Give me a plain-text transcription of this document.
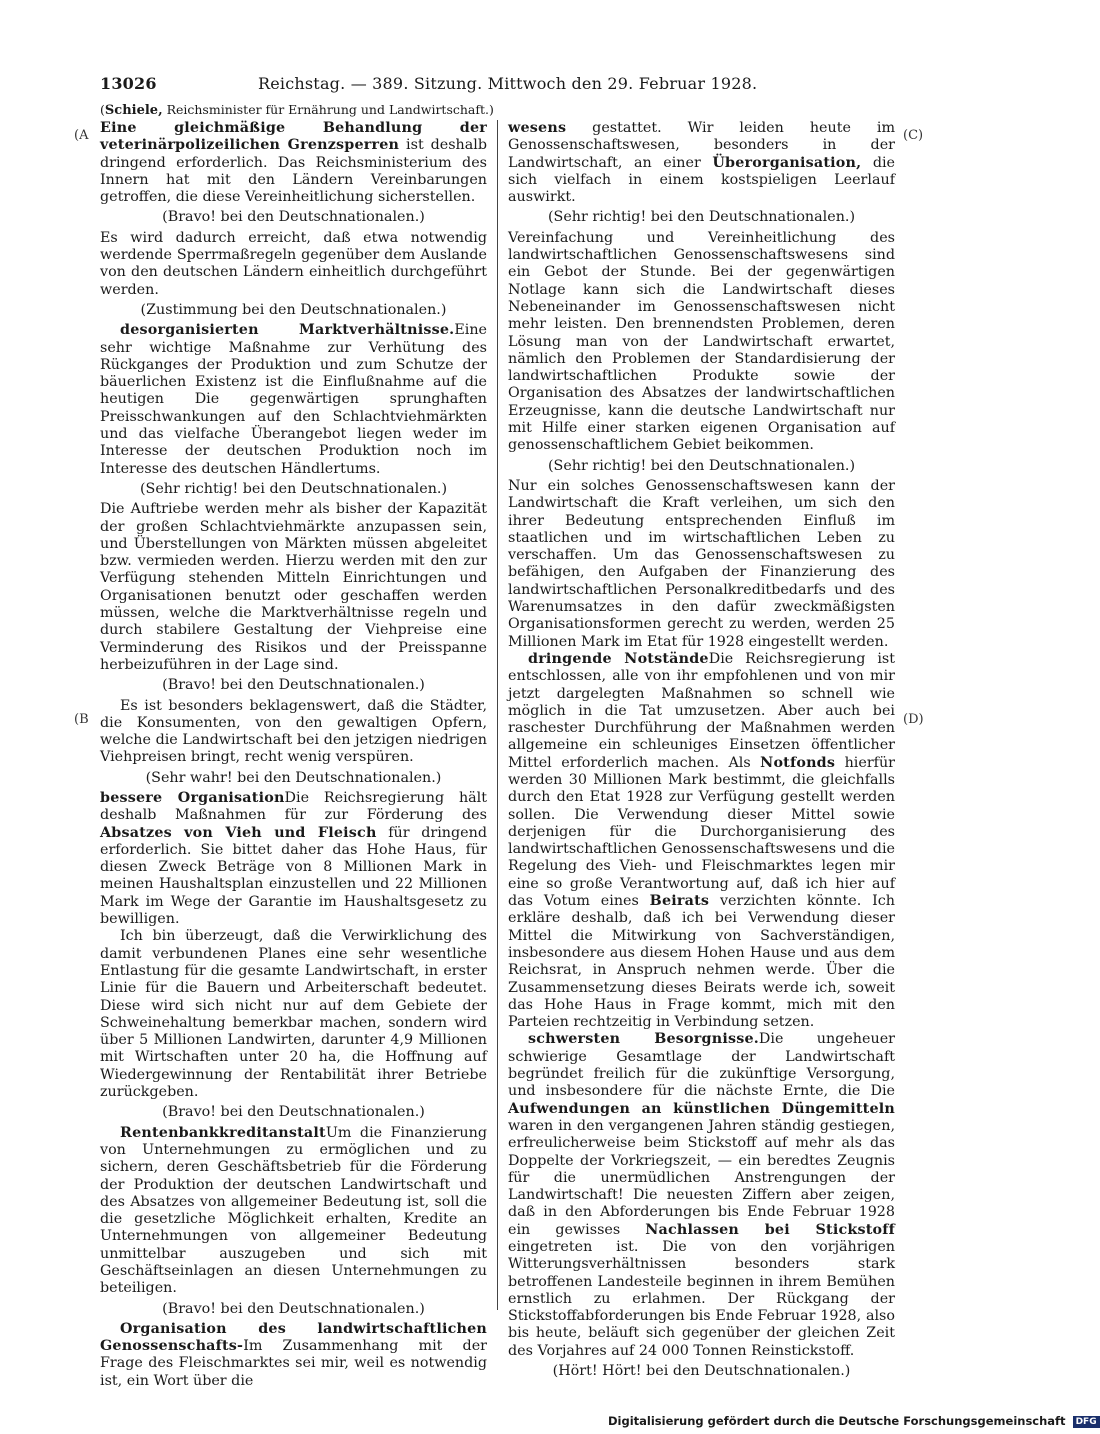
13026	Reichstag. — 389. Sitzung. Mittwoch den 29. Februar 1928.
(Schiele, Reichsminister für Ernährung und Landwirtschaft.)
(A
(B
(C)
(D)

Eine gleichmäßige Behandlung der veterinärpolizeilichen Grenzsperren ist deshalb dringend erforderlich. Das Reichsministerium des Innern hat mit den Ländern Vereinbarungen getroffen, die diese Vereinheitlichung sicherstellen.

(Bravo! bei den Deutschnationalen.)

Es wird dadurch erreicht, daß etwa notwendig werdende Sperrmaßregeln gegenüber dem Auslande von den deutschen Ländern einheitlich durchgeführt werden.

(Zustimmung bei den Deutschnationalen.)

desorganisierten Marktverhältnisse.Eine sehr wichtige Maßnahme zur Verhütung des Rückganges der Produktion und zum Schutze der bäuerlichen Existenz ist die Einflußnahme auf die heutigen Die gegenwärtigen sprunghaften Preisschwankungen auf den Schlachtviehmärkten und das vielfache Überangebot liegen weder im Interesse der deutschen Produktion noch im Interesse des deutschen Händlertums.

(Sehr richtig! bei den Deutschnationalen.)

Die Auftriebe werden mehr als bisher der Kapazität der großen Schlachtviehmärkte anzupassen sein, und Überstellungen von Märkten müssen abgeleitet bzw. vermieden werden. Hierzu werden mit den zur Verfügung stehenden Mitteln Einrichtungen und Organisationen benutzt oder geschaffen werden müssen, welche die Marktverhältnisse regeln und durch stabilere Gestaltung der Viehpreise eine Verminderung des Risikos und der Preisspanne herbeizuführen in der Lage sind.

(Bravo! bei den Deutschnationalen.)

Es ist besonders beklagenswert, daß die Städter, die Konsumenten, von den gewaltigen Opfern, welche die Landwirtschaft bei den jetzigen niedrigen Viehpreisen bringt, recht wenig verspüren.

(Sehr wahr! bei den Deutschnationalen.)

bessere OrganisationDie Reichsregierung hält deshalb Maßnahmen für zur Förderung des Absatzes von Vieh und Fleisch für dringend erforderlich. Sie bittet daher das Hohe Haus, für diesen Zweck Beträge von 8 Millionen Mark in meinen Haushaltsplan einzustellen und 22 Millionen Mark im Wege der Garantie im Haushaltsgesetz zu bewilligen.

Ich bin überzeugt, daß die Verwirklichung des damit verbundenen Planes eine sehr wesentliche Entlastung für die gesamte Landwirtschaft, in erster Linie für die Bauern und Arbeiterschaft bedeutet. Diese wird sich nicht nur auf dem Gebiete der Schweinehaltung bemerkbar machen, sondern wird über 5 Millionen Landwirten, darunter 4,9 Millionen mit Wirtschaften unter 20 ha, die Hoffnung auf Wiedergewinnung der Rentabilität ihrer Betriebe zurückgeben.

(Bravo! bei den Deutschnationalen.)

RentenbankkreditanstaltUm die Finanzierung von Unternehmungen zu ermöglichen und zu sichern, deren Geschäftsbetrieb für die Förderung der Produktion der deutschen Landwirtschaft und des Absatzes von allgemeiner Bedeutung ist, soll die die gesetzliche Möglichkeit erhalten, Kredite an Unternehmungen von allgemeiner Bedeutung unmittelbar auszugeben und sich mit Geschäftseinlagen an diesen Unternehmungen zu beteiligen.

(Bravo! bei den Deutschnationalen.)

Organisation des landwirtschaftlichen Genossenschafts-Im Zusammenhang mit der Frage des Fleischmarktes sei mir, weil es notwendig ist, ein Wort über die

wesens gestattet. Wir leiden heute im Genossenschaftswesen, besonders in der Landwirtschaft, an einer Überorganisation, die sich vielfach in einem kostspieligen Leerlauf auswirkt.

(Sehr richtig! bei den Deutschnationalen.)

Vereinfachung und Vereinheitlichung des landwirtschaftlichen Genossenschaftswesens sind ein Gebot der Stunde. Bei der gegenwärtigen Notlage kann sich die Landwirtschaft dieses Nebeneinander im Genossenschaftswesen nicht mehr leisten. Den brennendsten Problemen, deren Lösung man von der Landwirtschaft erwartet, nämlich den Problemen der Standardisierung der landwirtschaftlichen Produkte sowie der Organisation des Absatzes der landwirtschaftlichen Erzeugnisse, kann die deutsche Landwirtschaft nur mit Hilfe einer starken eigenen Organisation auf genossenschaftlichem Gebiet beikommen.

(Sehr richtig! bei den Deutschnationalen.)

Nur ein solches Genossenschaftswesen kann der Landwirtschaft die Kraft verleihen, um sich den ihrer Bedeutung entsprechenden Einfluß im staatlichen und im wirtschaftlichen Leben zu verschaffen. Um das Genossenschaftswesen zu befähigen, den Aufgaben der Finanzierung des landwirtschaftlichen Personalkreditbedarfs und des Warenumsatzes in den dafür zweckmäßigsten Organisationsformen gerecht zu werden, werden 25 Millionen Mark im Etat für 1928 eingestellt werden.

dringende NotständeDie Reichsregierung ist entschlossen, alle von ihr empfohlenen und von mir jetzt dargelegten Maßnahmen so schnell wie möglich in die Tat umzusetzen. Aber auch bei raschester Durchführung der Maßnahmen werden allgemeine ein schleuniges Einsetzen öffentlicher Mittel erforderlich machen. Als Notfonds hierfür werden 30 Millionen Mark bestimmt, die gleichfalls durch den Etat 1928 zur Verfügung gestellt werden sollen. Die Verwendung dieser Mittel sowie derjenigen für die Durchorganisierung des landwirtschaftlichen Genossenschaftswesens und die Regelung des Vieh- und Fleischmarktes legen mir eine so große Verantwortung auf, daß ich hier auf das Votum eines Beirats verzichten könnte. Ich erkläre deshalb, daß ich bei Verwendung dieser Mittel die Mitwirkung von Sachverständigen, insbesondere aus diesem Hohen Hause und aus dem Reichsrat, in Anspruch nehmen werde. Über die Zusammensetzung dieses Beirats werde ich, soweit das Hohe Haus in Frage kommt, mich mit den Parteien rechtzeitig in Verbindung setzen.

schwersten Besorgnisse.Die ungeheuer schwierige Gesamtlage der Landwirtschaft begründet freilich für die zukünftige Versorgung, und insbesondere für die nächste Ernte, die Die Aufwendungen an künstlichen Düngemitteln waren in den vergangenen Jahren ständig gestiegen, erfreulicherweise beim Stickstoff auf mehr als das Doppelte der Vorkriegszeit, — ein beredtes Zeugnis für die unermüdlichen Anstrengungen der Landwirtschaft! Die neuesten Ziffern aber zeigen, daß in den Abforderungen bis Ende Februar 1928 ein gewisses Nachlassen bei Stickstoff eingetreten ist. Die von den vorjährigen Witterungsverhältnissen besonders stark betroffenen Landesteile beginnen in ihrem Bemühen ernstlich zu erlahmen. Der Rückgang der Stickstoffabforderungen bis Ende Februar 1928, also bis heute, beläuft sich gegenüber der gleichen Zeit des Vorjahres auf 24 000 Tonnen Reinstickstoff.

(Hört! Hört! bei den Deutschnationalen.)

Digitalisierung gefördert durch die Deutsche Forschungsgemeinschaft DFG
